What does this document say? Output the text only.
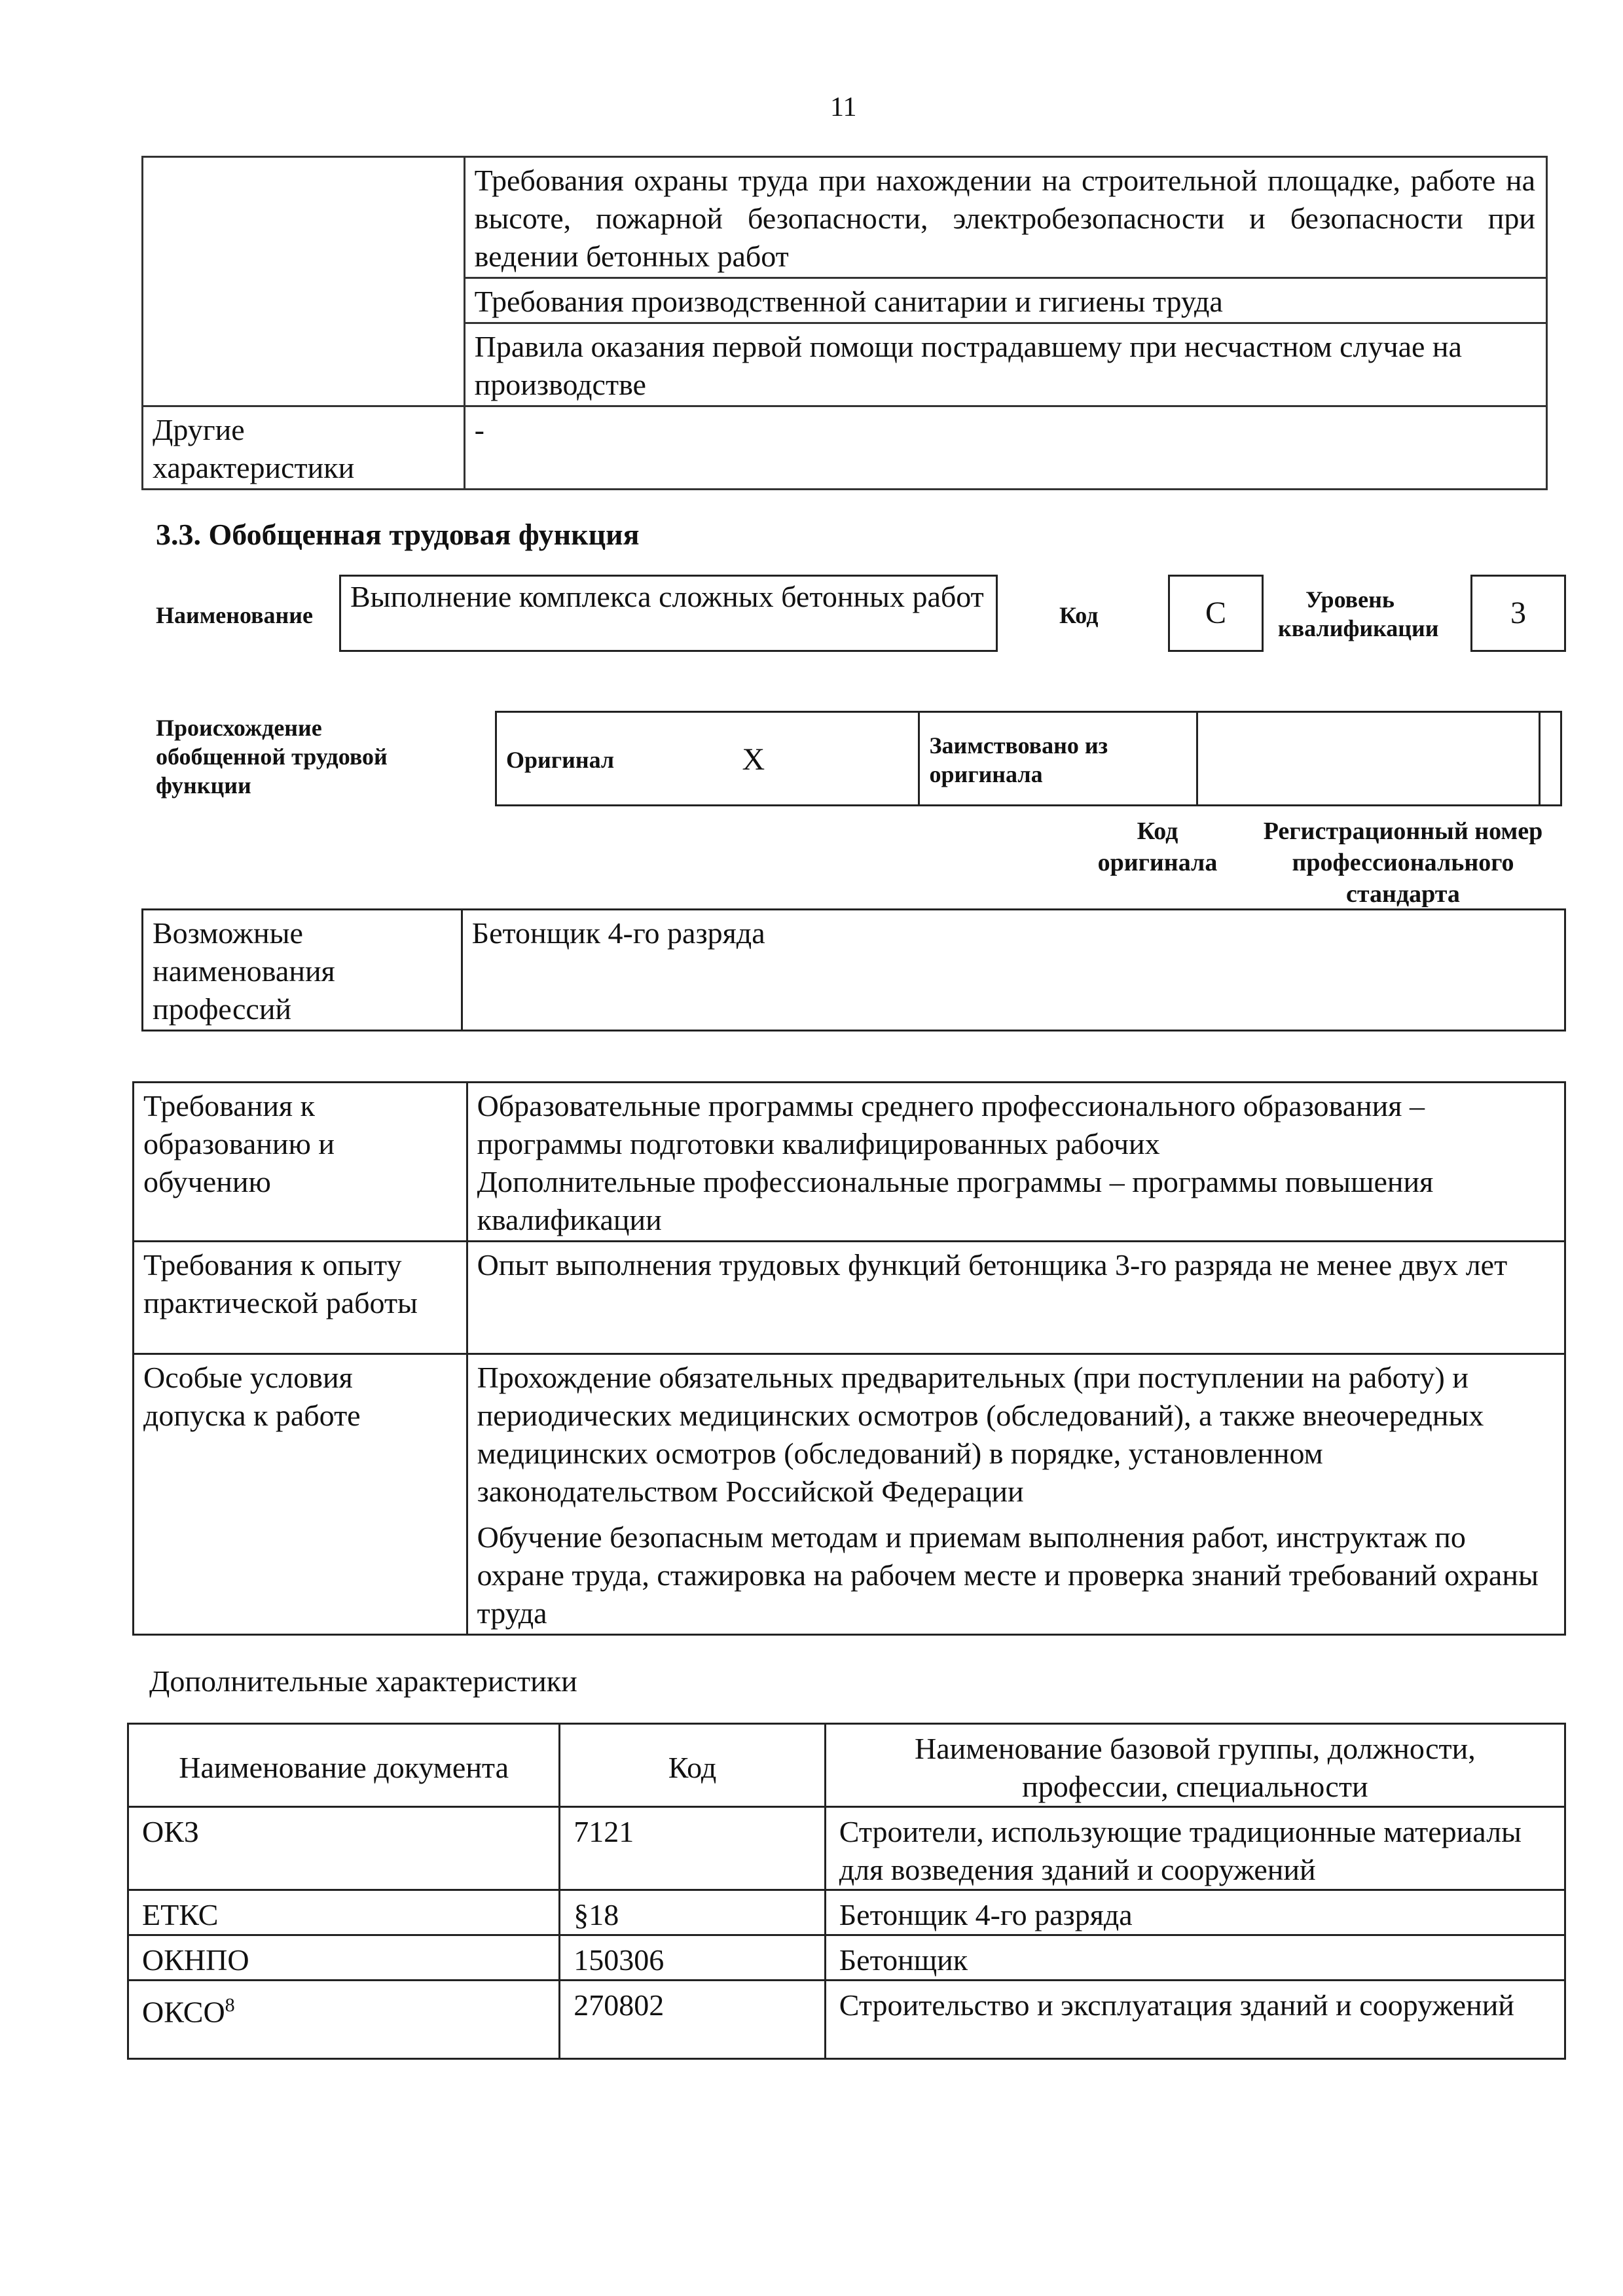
11
	Требования охраны труда при нахождении на строительной площадке, работе на высоте, пожарной безопасности, электробезопасности и безопасности при ведении бетонных работ
	Требования производственной санитарии и гигиены труда
	Правила оказания первой помощи пострадавшему при несчастном случае на производстве
Другие характеристики	-
3.3. Обобщенная трудовая функция
Наименование
Выполнение комплекса сложных бетонных работ
Код	C	Уровень квалификации	3
Происхождение обобщенной трудовой функции
Оригинал	X	Заимствовано из оригинала		
Код оригинала
Регистрационный номер профессионального стандарта
Возможные наименования профессий	Бетонщик 4-го разряда
Требования к образованию и обучению	Образовательные программы среднего профессионального образования – программы подготовки квалифицированных рабочих
Дополнительные профессиональные программы – программы повышения квалификации

Требования к опыту практической работы	Опыт выполнения трудовых функций бетонщика 3-го разряда не менее двух лет

Особые условия допуска к работе	Прохождение обязательных предварительных (при поступлении на работу) и периодических медицинских осмотров (обследований), а также внеочередных медицинских осмотров (обследований) в порядке, установленном законодательством Российской Федерации
Обучение безопасным методам и приемам выполнения работ, инструктаж по охране труда, стажировка на рабочем месте и проверка знаний требований охраны труда
Дополнительные характеристики
Наименование документа	Код	Наименование базовой группы, должности, профессии, специальности
ОКЗ	7121	Строители, использующие традиционные материалы для возведения зданий и сооружений
ЕТКС	§18	Бетонщик 4-го разряда
ОКНПО	150306	Бетонщик
ОКСО$^8$	270802	Строительство и эксплуатация зданий и сооружений
